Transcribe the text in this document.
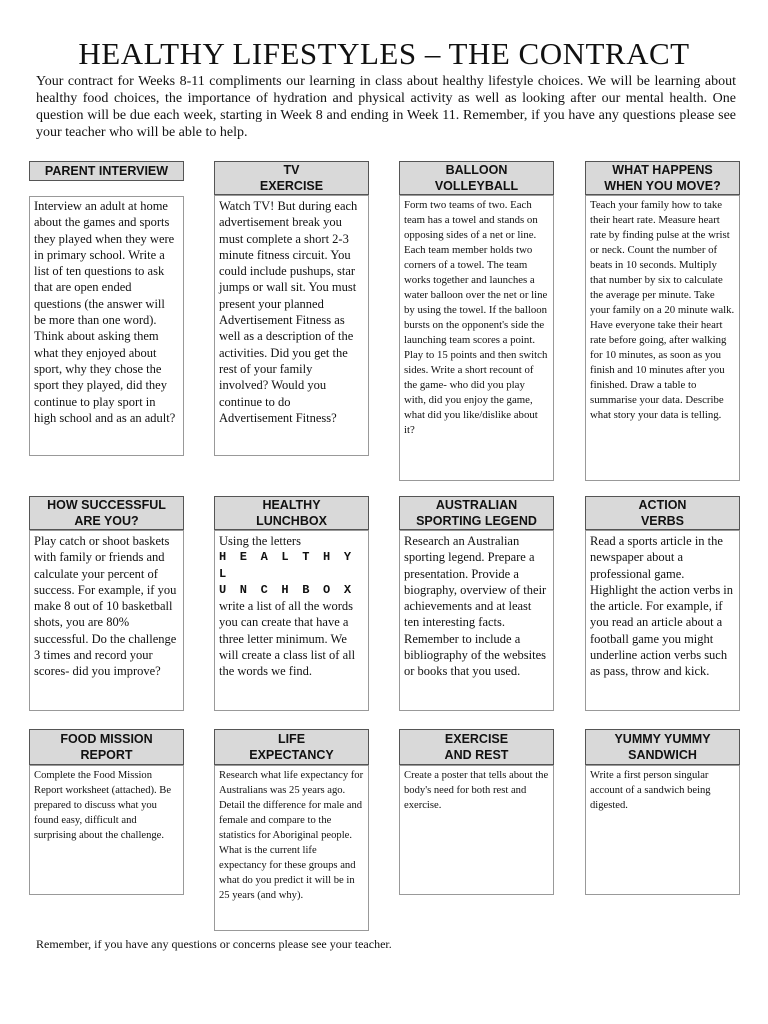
HEALTHY LIFESTYLES – THE CONTRACT

Your contract for Weeks 8-11 compliments our learning in class about healthy lifestyle choices. We will be learning about healthy food choices, the importance of hydration and physical activity as well as looking after our mental health. One question will be due each week, starting in Week 8 and ending in Week 11. Remember, if you have any questions please see your teacher who will be able to help.

PARENT INTERVIEW

Interview an adult at home about the games and sports they played when they were in primary school. Write a list of ten questions to ask that are open ended questions (the answer will be more than one word). Think about asking them what they enjoyed about sport, why they chose the sport they played, did they continue to play sport in high school and as an adult?

TV
EXERCISE

Watch TV! But during each advertisement break you must complete a short 2-3 minute fitness circuit. You could include pushups, star jumps or wall sit. You must present your planned Advertisement Fitness as well as a description of the activities. Did you get the rest of your family involved? Would you continue to do Advertisement Fitness?

BALLOON
VOLLEYBALL

Form two teams of two. Each team has a towel and stands on opposing sides of a net or line. Each team member holds two corners of a towel. The team works together and launches a water balloon over the net or line by using the towel. If the balloon bursts on the opponent's side the launching team scores a point. Play to 15 points and then switch sides. Write a short recount of the game- who did you play with, did you enjoy the game, what did you like/dislike about it?

WHAT HAPPENS
WHEN YOU MOVE?

Teach your family how to take their heart rate. Measure heart rate by finding pulse at the wrist or neck. Count the number of beats in 10 seconds. Multiply that number by six to calculate the average per minute. Take your family on a 20 minute walk. Have everyone take their heart rate before going, after walking for 10 minutes, as soon as you finish and 10 minutes after you finished. Draw a table to summarise your data. Describe what story your data is telling.

HOW SUCCESSFUL
ARE YOU?

Play catch or shoot baskets with family or friends and calculate your percent of success. For example, if you make 8 out of 10 basketball shots, you are 80% successful. Do the challenge 3 times and record your scores- did you improve?

HEALTHY
LUNCHBOX

Using the letters

H E A L T H Y L

U N C H B O X

write a list of all the words you can create that have a three letter minimum. We will create a class list of all the words we find.

AUSTRALIAN
SPORTING LEGEND

Research an Australian sporting legend. Prepare a presentation. Provide a biography, overview of their achievements and at least ten interesting facts. Remember to include a bibliography of the websites or books that you used.

ACTION
VERBS

Read a sports article in the newspaper about a professional game. Highlight the action verbs in the article. For example, if you read an article about a football game you might underline action verbs such as pass, throw and kick.

FOOD MISSION
REPORT

Complete the Food Mission Report worksheet (attached). Be prepared to discuss what you found easy, difficult and surprising about the challenge.

LIFE
EXPECTANCY

Research what life expectancy for Australians was 25 years ago. Detail the difference for male and female and compare to the statistics for Aboriginal people. What is the current life expectancy for these groups and what do you predict it will be in 25 years (and why).

EXERCISE
AND REST

Create a poster that tells about the body's need for both rest and exercise.

YUMMY YUMMY
SANDWICH

Write a first person singular account of a sandwich being digested.

Remember, if you have any questions or concerns please see your teacher.
